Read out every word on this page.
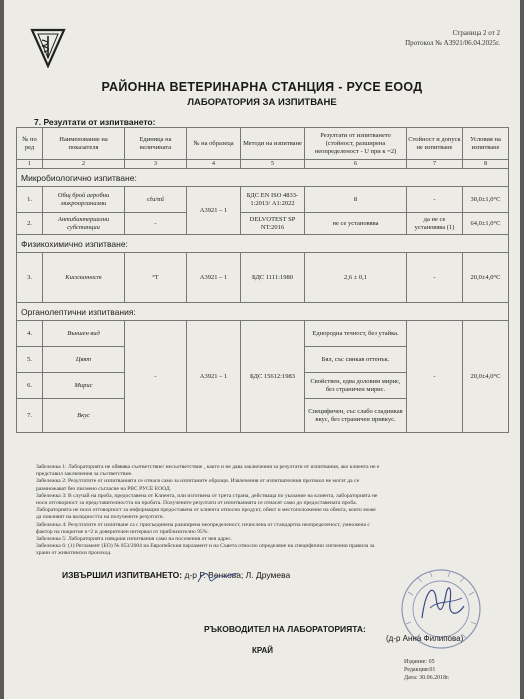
Страница 2 от 2
Протокол № А3921/06.04.2025г.
РАЙОННА ВЕТЕРИНАРНА СТАНЦИЯ - РУСЕ ЕООД
ЛАБОРАТОРИЯ ЗА ИЗПИТВАНЕ
7. Резултати от изпитването:
№ по ред	Наименование на показателя	Единица на величината	№ на образеца	Методи на изпитване	Резултати от изпитването (стойност, разширена неопределеност - U при к =2)	Стойност и допуск не изпитване	Условия на изпитване
1	2	3	4	5	6	7	8
Микробиологично изпитване:							
1.	Общ брой аеробни микроорганизми	cfu/ml	А3921 – 1	БДС EN ISO 4833-1:2013/ А1:2022	8	-	30,0±1,0°С
2.	Антибактериални субстанции	-		DELVOTEST SP NT:2016	не се установява	да не се установява (1)	64,0±1,0°С
Физикохимично изпитване:							
3.	Киселинност	°Т	А3921 – 1	БДС 1111:1980	2,6 ± 0,1	-	20,0±4,0°С
Органолептични изпитвания:							
4.	Външен вид	-	А3921 – 1	БДС 15612:1983	Еднородна течност, без утайка.	-	20,0±4,0°С
5.	Цвят				Бял, със синкав оттенък.		
6.	Мирис				Свойствен, едва доловим мирис, без страничен мирис.		
7.	Вкус				Специфичен, със слабо сладникав вкус, без страничен привкус.		
Забележка 1: Лабораторията не обявява съответствие/ несъответствие , както и не дава заключения за резултати от изпитвания, ако клиента не е
представил заключения за съответствие.
Забележка 2: Резултатите от изпитванията се отнася само за изпитаните образци. Извлечения от изпитвателния протокол не могат да се
размножават без писмено съгласие на РВС РУСЕ ЕООД.
Забележка 3: В случай на проба, предоставена от Клиента, или изготвена от трета страна, действаща по указание на клиента, лабораторията не
носи отговорност за представителността на пробата. Получените резултати от изпитванията се отнасят само до предоставената проба.
Лабораторията не носи отговорност за информация предоставена от клиента относно продукт, обект и местоположение на обекта, които може
да повлияят на валидността на получените резултати.
Забележка 4: Резултатите от изпитване са с присъединена разширена неопределеност, изчислена от стандартна неопределеност, умножена с
фактор на покритие к=2 и доверителен интервал от приблизително 95%.
Забележка 5: Лабораторията извърши изпитвания само на посочения от нея адрес.
Забележка 6: (1) Регламент (ЕО) № 853/2004 на Европейския парламент и на Съвета относно определяне на специфични хигиенни правила за
храни от животински произход.
ИЗВЪРШИЛ ИЗПИТВАНЕТО: д-р Р. Венкова; Л. Друмева
РЪКОВОДИТЕЛ НА ЛАБОРАТОРИЯТА:
(д-р Анна Филипова)
КРАЙ
Издание: 05
Редакция:01
Дата: 30.06.2018г.
